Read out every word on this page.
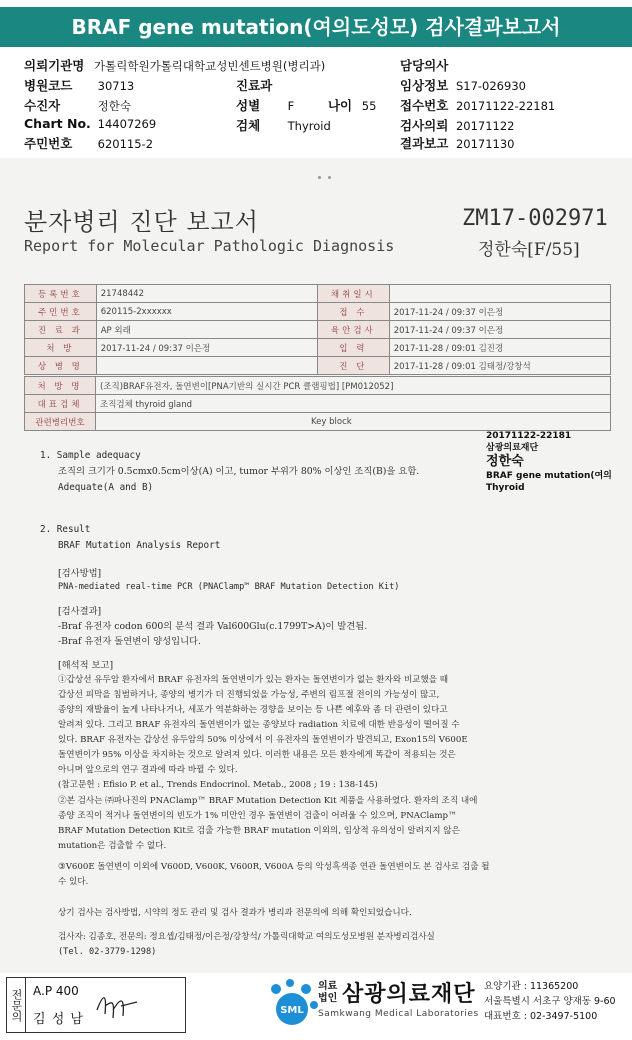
BRAF gene mutation(여의도성모) 검사결과보고서
의뢰기관명 가톨릭학원가톨릭대학교성빈센트병원(병리과)	담당의사
병원코드 30713	진료과	임상정보 S17-026930
수진자	정한숙	성별 F	나이 55 접수번호 20171122-22181
Chart No. 14407269	검체 Thyroid	검사의뢰 20171122
주민번호 620115-2	결과보고 20171130
분자병리 진단 보고서
Report for Molecular Pathologic Diagnosis
ZM17-002971
정한숙[F/55]
등록번호	21748442	채취일시	
주민번호	620115-2xxxxxx	접 수	2017-11-24 / 09:37 이은정
진 료 과	AP 외래	육안검사	2017-11-24 / 09:37 이은정
처 방	2017-11-24 / 09:37 이은정	입 력	2017-11-28 / 09:01 김진경
상 병 명		진 단	2017-11-28 / 09:01 김태정/강창석
처 방 명	(조직)BRAF유전자, 돌연변이[PNA기반의 실시간 PCR 클램핑법] [PM012052]
대표검체	조직검체 thyroid gland
관련병리번호	Key block
20171122-22181
삼광의료재단
정한숙
BRAF gene mutation(여의
Thyroid
1. Sample adequacy
조직의 크기가 0.5cmx0.5cm이상(A) 이고, tumor 부위가 80% 이상인 조직(B)을 요함.
Adequate(A and B)
2. Result
BRAF Mutation Analysis Report
[검사방법]
PNA-mediated real-time PCR (PNAClamp™ BRAF Mutation Detection Kit)
[검사결과]
-Braf 유전자 codon 600의 분석 결과 Val600Glu(c.1799T>A)이 발견됨.
-Braf 유전자 돌연변이 양성입니다.
[해석적 보고]
①갑상선 유두암 환자에서 BRAF 유전자의 돌연변이가 있는 환자는 돌연변이가 없는 환자와 비교했을 때
갑상선 피막을 침범하거나, 종양의 병기가 더 진행되었을 가능성, 주변의 림프절 전이의 가능성이 많고,
종양의 재발율이 높게 나타나거나, 세포가 역분화하는 경향을 보이는 등 나쁜 예후와 좀 더 관련이 있다고
알려져 있다. 그리고 BRAF 유전자의 돌연변이가 없는 종양보다 radiation 치료에 대한 반응성이 떨어질 수
있다. BRAF 유전자는 갑상선 유두암의 50% 이상에서 이 유전자의 돌연변이가 발견되고, Exon15의 V600E
돌연변이가 95% 이상을 차지하는 것으로 알려져 있다. 이러한 내용은 모든 환자에게 똑같이 적용되는 것은
아니며 앞으로의 연구 결과에 따라 바뀔 수 있다.
(참고문헌 : Efisio P. et al., Trends Endocrinol. Metab., 2008 ; 19 : 138-145)
②본 검사는 ㈜파나진의 PNAClamp™ BRAF Mutation Detection Kit 제품을 사용하였다. 환자의 조직 내에
종양 조직이 적거나 돌연변이의 빈도가 1% 미만인 경우 돌연변이 검출이 어려울 수 있으며, PNAClamp™
BRAF Mutation Detection Kit로 검출 가능한 BRAF mutation 이외의, 임상적 유의성이 알려지지 않은
mutation은 검출할 수 없다.
③V600E 돌연변이 이외에 V600D, V600K, V600R, V600A 등의 악성흑색종 연관 돌연변이도 본 검사로 검출 될
수 있다.
상기 검사는 검사방법, 시약의 정도 관리 및 검사 결과가 병리과 전문의에 의해 확인되었습니다.
검사자: 김종호, 전문의: 정요셉/김태정/이은정/강창석/ 가톨릭대학교 여의도성모병원 분자병리검사실
(Tel. 02-3779-1298)
전문의 A.P 400
김 성 남
SML
의료법인 삼광의료재단
Samkwang Medical Laboratories
요양기관 : 11365200
서울특별시 서초구 양재동 9-60
대표번호 : 02-3497-5100
